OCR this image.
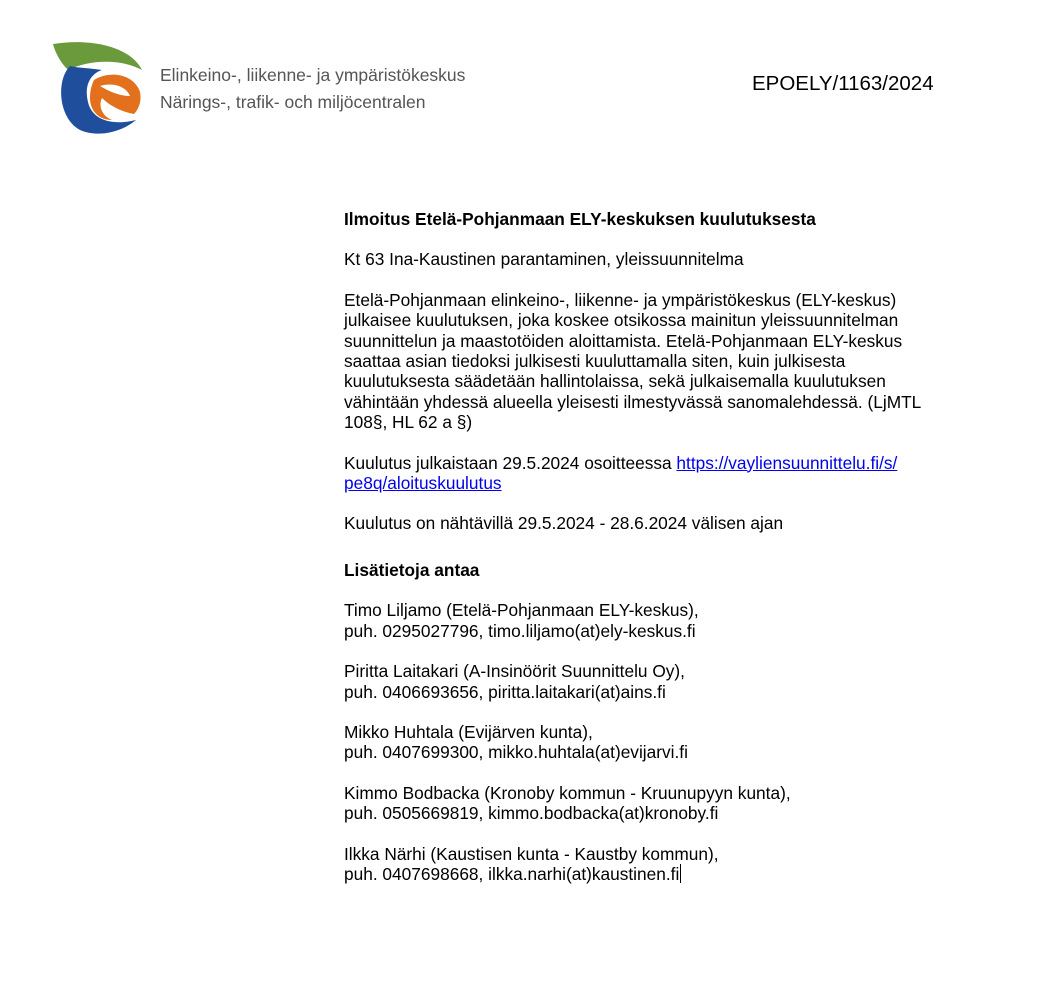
Elinkeino-, liikenne- ja ympäristökeskus
Närings-, trafik- och miljöcentralen
EPOELY/1163/2024

Ilmoitus Etelä-Pohjanmaan ELY-keskuksen kuulutuksesta

Kt 63 Ina-Kaustinen parantaminen, yleissuunnitelma

Etelä-Pohjanmaan elinkeino-, liikenne- ja ympäristökeskus (ELY-keskus) julkaisee kuulutuksen, joka koskee otsikossa mainitun yleissuunnitelman suunnittelun ja maastotöiden aloittamista. Etelä-Pohjanmaan ELY-keskus saattaa asian tiedoksi julkisesti kuuluttamalla siten, kuin julkisesta kuulutuksesta säädetään hallintolaissa, sekä julkaisemalla kuulutuksen vähintään yhdessä alueella yleisesti ilmestyvässä sanomalehdessä. (LjMTL 108§, HL 62 a §)

Kuulutus julkaistaan 29.5.2024 osoitteessa https://vayliensuunnittelu.fi/s/
pe8q/aloituskuulutus

Kuulutus on nähtävillä 29.5.2024 - 28.6.2024 välisen ajan

Lisätietoja antaa

Timo Liljamo (Etelä-Pohjanmaan ELY-keskus),
puh. 0295027796, timo.liljamo(at)ely-keskus.fi

Piritta Laitakari (A-Insinöörit Suunnittelu Oy),
puh. 0406693656, piritta.laitakari(at)ains.fi

Mikko Huhtala (Evijärven kunta),
puh. 0407699300, mikko.huhtala(at)evijarvi.fi

Kimmo Bodbacka (Kronoby kommun - Kruunupyyn kunta),
puh. 0505669819, kimmo.bodbacka(at)kronoby.fi

Ilkka Närhi (Kaustisen kunta - Kaustby kommun),
puh. 0407698668, ilkka.narhi(at)kaustinen.fi
